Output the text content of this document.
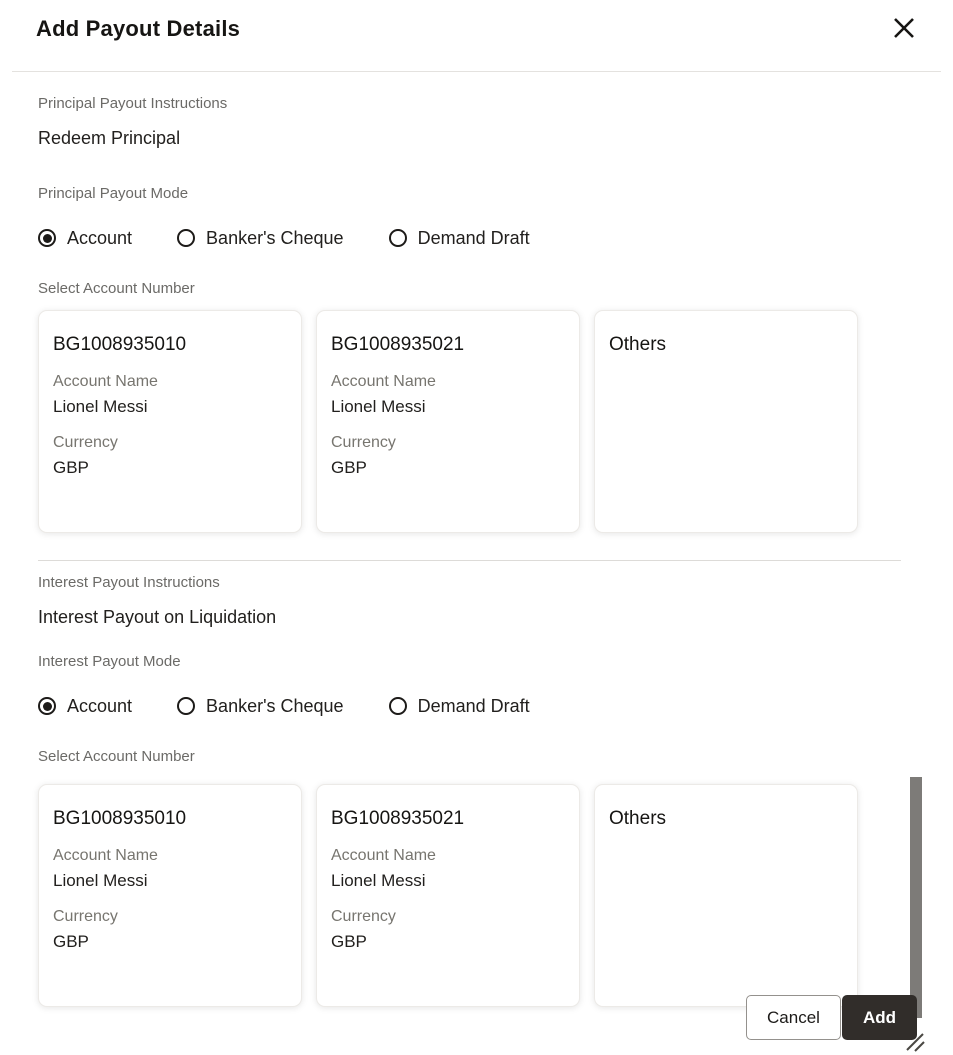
Add Payout Details
Principal Payout Instructions
Redeem Principal
Principal Payout Mode
Account	Banker's Cheque	Demand Draft
Select Account Number
BG1008935010
Account Name
Lionel Messi
Currency
GBP
BG1008935021
Account Name
Lionel Messi
Currency
GBP
Others
Interest Payout Instructions
Interest Payout on Liquidation
Interest Payout Mode
Account	Banker's Cheque	Demand Draft
Select Account Number
BG1008935010
Account Name
Lionel Messi
Currency
GBP
BG1008935021
Account Name
Lionel Messi
Currency
GBP
Others
Cancel	Add
